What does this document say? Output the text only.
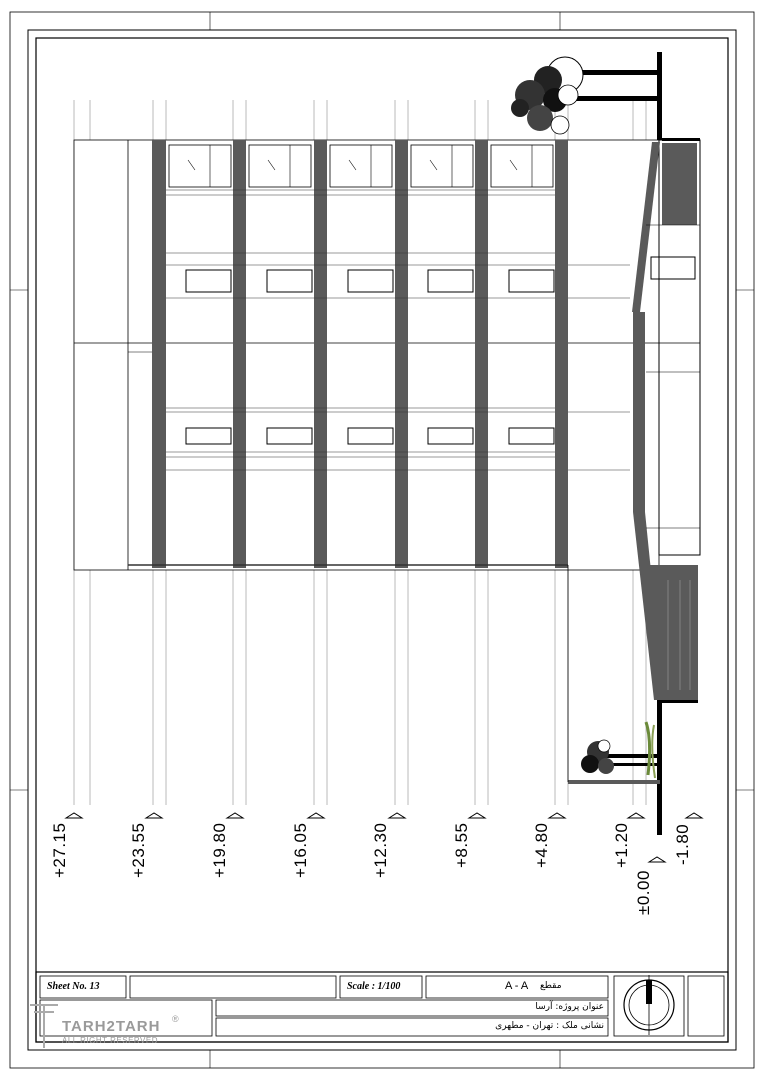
+27.15	+23.55	+19.80	+16.05	+12.30	+8.55	+4.80	+1.20 -1.80
±0.00
Sheet No. 13	Scale : 1/100	A - A مقطع
عنوان پروژه: آرسا
نشانی ملک : تهران - مطهری
TARH2TARH
ALL RIGHT RESERVED
®
